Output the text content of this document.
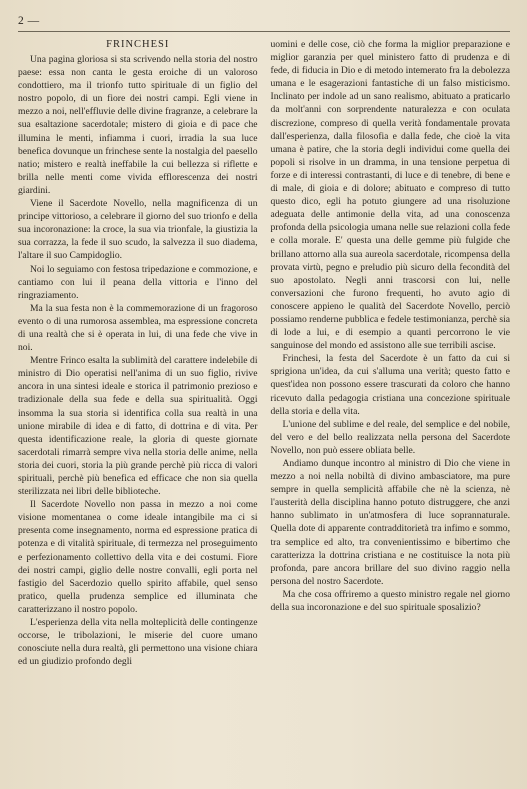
2 —
FRINCHESI

Una pagina gloriosa si sta scrivendo nella storia del nostro paese: essa non canta le gesta eroiche di un valoroso condottiero, ma il trionfo tutto spirituale di un figlio del nostro popolo, di un fiore dei nostri campi. Egli viene in mezzo a noi, nell'effluvie delle divine fragranze, a celebrare la sua esaltazione sacerdotale; mistero di gioia e di pace che illumina le menti, infiamma i cuori, irradia la sua luce benefica dovunque un frinchese sente la nostalgia del paesello natio; mistero e realtà ineffabile la cui bellezza si riflette e brilla nelle menti come vivida efflorescenza dei nostri giardini.

Viene il Sacerdote Novello, nella magnificenza di un principe vittorioso, a celebrare il giorno del suo trionfo e della sua incoronazione: la croce, la sua via trionfale, la giustizia la sua corrazza, la fede il suo scudo, la salvezza il suo diadema, l'altare il suo Campidoglio.

Noi lo seguiamo con festosa tripedazione e commozione, e cantiamo con lui il peana della vittoria e l'inno del ringraziamento.

Ma la sua festa non è la commemorazione di un fragoroso evento o di una rumorosa assemblea, ma espressione concreta di una realtà che si è operata in lui, di una fede che vive in noi.

Mentre Frinco esalta la sublimità del carattere indelebile di ministro di Dio operatisi nell'anima di un suo figlio, rivive ancora in una sintesi ideale e storica il patrimonio prezioso e tradizionale della sua fede e della sua spiritualità. Oggi insomma la sua storia si identifica colla sua realtà in una unione mirabile di idea e di fatto, di dottrina e di vita. Per questa identificazione reale, la gloria di queste giornate sacerdotali rimarrà sempre viva nella storia delle anime, nella storia dei cuori, storia la più grande perchè più ricca di valori spirituali, perchè più benefica ed efficace che non sia quella sterilizzata nei libri delle biblioteche.

Il Sacerdote Novello non passa in mezzo a noi come visione momentanea o come ideale intangibile ma ci si presenta come insegnamento, norma ed espressione pratica di potenza e di vitalità spirituale, di termezza nel proseguimento e perfezionamento collettivo della vita e dei costumi. Fiore dei nostri campi, giglio delle nostre convalli, egli porta nel fastigio del Sacerdozio quello spirito affabile, quel senso pratico, quella prudenza semplice ed illuminata che caratterizzano il nostro popolo.

L'esperienza della vita nella molteplicità delle contingenze occorse, le tribolazioni, le miserie del cuore umano conosciute nella dura realtà, gli permettono una visione chiara ed un giudizio profondo degli

uomini e delle cose, ciò che forma la miglior preparazione e miglior garanzia per quel ministero fatto di prudenza e di fede, di fiducia in Dio e di metodo intemerato fra la debolezza umana e le esagerazioni fantastiche di un falso misticismo. Inclinato per indole ad un sano realismo, abituato a praticarlo da molt'anni con sorprendente naturalezza e con oculata discrezione, compreso di quella verità fondamentale provata dall'esperienza, dalla filosofia e dalla fede, che cioè la vita umana è patire, che la storia degli individui come quella dei popoli si risolve in un dramma, in una tensione perpetua di forze e di interessi contrastanti, di luce e di tenebre, di bene e di male, di gioia e di dolore; abituato e compreso di tutto questo dico, egli ha potuto giungere ad una risoluzione adeguata delle antimonie della vita, ad una conoscenza profonda della psicologia umana nelle sue relazioni colla fede e colla morale. E' questa una delle gemme più fulgide che brillano attorno alla sua aureola sacerdotale, ricompensa della provata virtù, pegno e preludio più sicuro della fecondità del suo apostolato. Negli anni trascorsi con lui, nelle conversazioni che furono frequenti, ho avuto agio di conoscere appieno le qualità del Sacerdote Novello, perciò possiamo renderne pubblica e fedele testimonianza, perchè sia di lode a lui, e di esempio a quanti percorrono le vie sanguinose del mondo ed assistono alle sue terribili ascise.

Frinchesi, la festa del Sacerdote è un fatto da cui si sprigiona un'idea, da cui s'alluma una verità; questo fatto e quest'idea non possono essere trascurati da coloro che hanno ricevuto dalla pedagogia cristiana una concezione spirituale della storia e della vita.

L'unione del sublime e del reale, del semplice e del nobile, del vero e del bello realizzata nella persona del Sacerdote Novello, non può essere obliata belle.

Andiamo dunque incontro al ministro di Dio che viene in mezzo a noi nella nobiltà di divino ambasciatore, ma pure sempre in quella semplicità affabile che nè la scienza, nè l'austerità della disciplina hanno potuto distruggere, che anzi hanno sublimato in un'atmosfera di luce soprannaturale. Quella dote di apparente contradditorietà tra infimo e sommo, tra semplice ed alto, tra convenientissimo e bibertimo che caratterizza la dottrina cristiana e ne costituisce la nota più profonda, pare ancora brillare del suo divino raggio nella persona del nostro Sacerdote.

Ma che cosa offriremo a questo ministro regale nel giorno della sua incoronazione e del suo spirituale sposalizio?
